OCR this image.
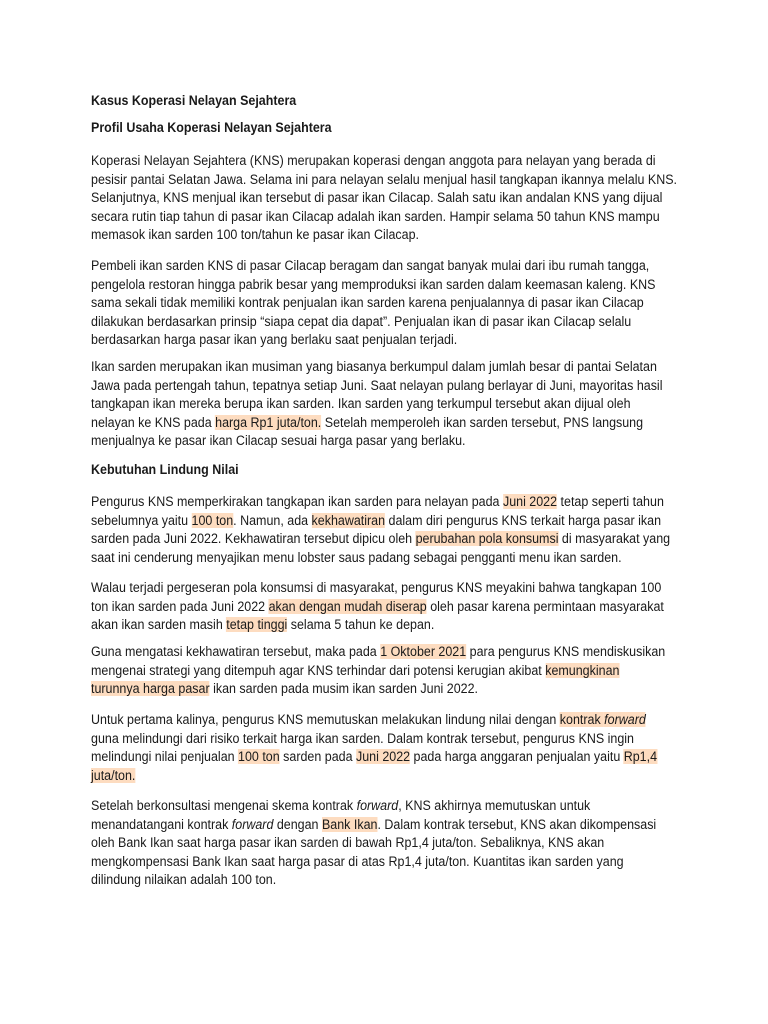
Kasus Koperasi Nelayan Sejahtera
Profil Usaha Koperasi Nelayan Sejahtera
Koperasi Nelayan Sejahtera (KNS) merupakan koperasi dengan anggota para nelayan yang berada di
pesisir pantai Selatan Jawa. Selama ini para nelayan selalu menjual hasil tangkapan ikannya melalu KNS.
Selanjutnya, KNS menjual ikan tersebut di pasar ikan Cilacap. Salah satu ikan andalan KNS yang dijual
secara rutin tiap tahun di pasar ikan Cilacap adalah ikan sarden. Hampir selama 50 tahun KNS mampu
memasok ikan sarden 100 ton/tahun ke pasar ikan Cilacap.
Pembeli ikan sarden KNS di pasar Cilacap beragam dan sangat banyak mulai dari ibu rumah tangga,
pengelola restoran hingga pabrik besar yang memproduksi ikan sarden dalam keemasan kaleng. KNS
sama sekali tidak memiliki kontrak penjualan ikan sarden karena penjualannya di pasar ikan Cilacap
dilakukan berdasarkan prinsip “siapa cepat dia dapat”. Penjualan ikan di pasar ikan Cilacap selalu
berdasarkan harga pasar ikan yang berlaku saat penjualan terjadi.
Ikan sarden merupakan ikan musiman yang biasanya berkumpul dalam jumlah besar di pantai Selatan
Jawa pada pertengah tahun, tepatnya setiap Juni. Saat nelayan pulang berlayar di Juni, mayoritas hasil
tangkapan ikan mereka berupa ikan sarden. Ikan sarden yang terkumpul tersebut akan dijual oleh
nelayan ke KNS pada harga Rp1 juta/ton. Setelah memperoleh ikan sarden tersebut, PNS langsung
menjualnya ke pasar ikan Cilacap sesuai harga pasar yang berlaku.
Kebutuhan Lindung Nilai
Pengurus KNS memperkirakan tangkapan ikan sarden para nelayan pada Juni 2022 tetap seperti tahun
sebelumnya yaitu 100 ton. Namun, ada kekhawatiran dalam diri pengurus KNS terkait harga pasar ikan
sarden pada Juni 2022. Kekhawatiran tersebut dipicu oleh perubahan pola konsumsi di masyarakat yang
saat ini cenderung menyajikan menu lobster saus padang sebagai pengganti menu ikan sarden.
Walau terjadi pergeseran pola konsumsi di masyarakat, pengurus KNS meyakini bahwa tangkapan 100
ton ikan sarden pada Juni 2022 akan dengan mudah diserap oleh pasar karena permintaan masyarakat
akan ikan sarden masih tetap tinggi selama 5 tahun ke depan.
Guna mengatasi kekhawatiran tersebut, maka pada 1 Oktober 2021 para pengurus KNS mendiskusikan
mengenai strategi yang ditempuh agar KNS terhindar dari potensi kerugian akibat kemungkinan
turunnya harga pasar ikan sarden pada musim ikan sarden Juni 2022.
Untuk pertama kalinya, pengurus KNS memutuskan melakukan lindung nilai dengan kontrak forward
guna melindungi dari risiko terkait harga ikan sarden. Dalam kontrak tersebut, pengurus KNS ingin
melindungi nilai penjualan 100 ton sarden pada Juni 2022 pada harga anggaran penjualan yaitu Rp1,4
juta/ton.
Setelah berkonsultasi mengenai skema kontrak forward, KNS akhirnya memutuskan untuk
menandatangani kontrak forward dengan Bank Ikan. Dalam kontrak tersebut, KNS akan dikompensasi
oleh Bank Ikan saat harga pasar ikan sarden di bawah Rp1,4 juta/ton. Sebaliknya, KNS akan
mengkompensasi Bank Ikan saat harga pasar di atas Rp1,4 juta/ton. Kuantitas ikan sarden yang
dilindung nilaikan adalah 100 ton.
